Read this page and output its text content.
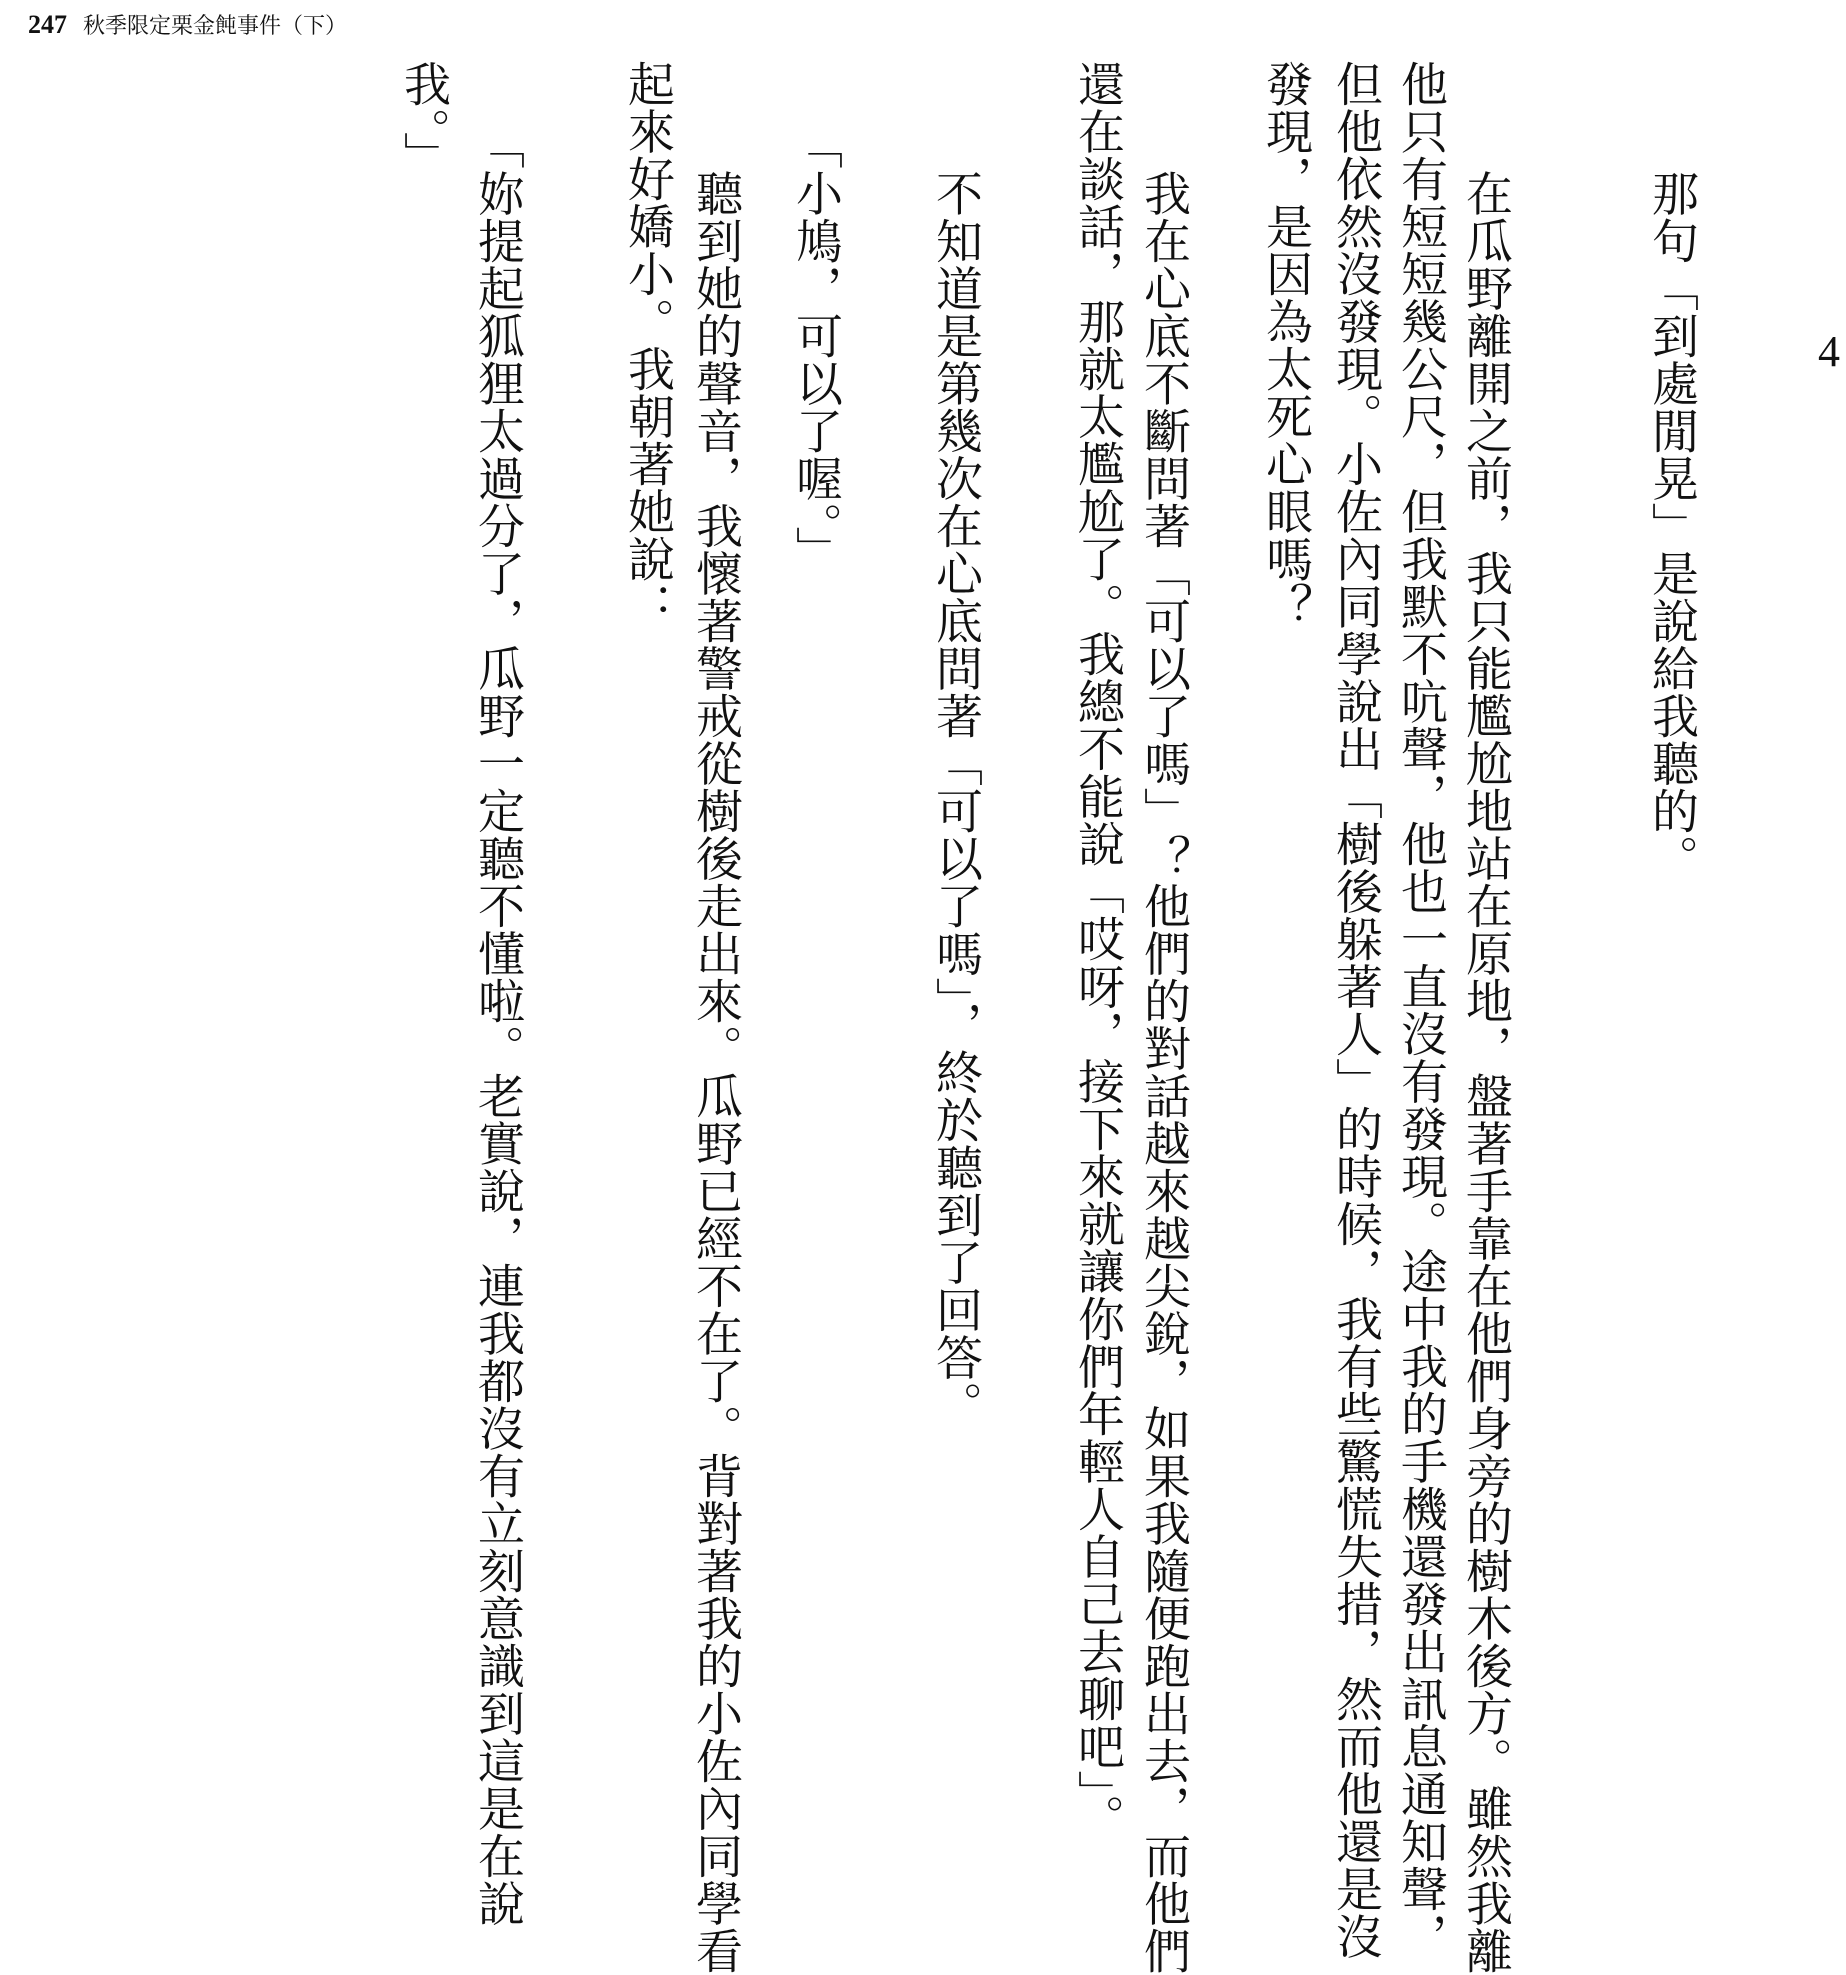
247 秋季限定栗金飩事件（下）
4
　那句「到處閒晃」是說給我聽的。
　在瓜野離開之前，我只能尷尬地站在原地，盤著手靠在他們身旁的樹木後方。雖然我離
他只有短短幾公尺，但我默不吭聲，他也一直沒有發現。途中我的手機還發出訊息通知聲，
但他依然沒發現。小佐內同學說出「樹後躲著人」的時候，我有些驚慌失措，然而他還是沒
發現，是因為太死心眼嗎？
　我在心底不斷問著「可以了嗎」？他們的對話越來越尖銳，如果我隨便跑出去，而他們
還在談話，那就太尷尬了。我總不能說「哎呀，接下來就讓你們年輕人自己去聊吧」。
　不知道是第幾次在心底問著「可以了嗎」，終於聽到了回答。
「小鳩，可以了喔。」
　聽到她的聲音，我懷著警戒從樹後走出來。瓜野已經不在了。背對著我的小佐內同學看
起來好嬌小。我朝著她說：
「妳提起狐狸太過分了，瓜野一定聽不懂啦。老實說，連我都沒有立刻意識到這是在說
我。」
